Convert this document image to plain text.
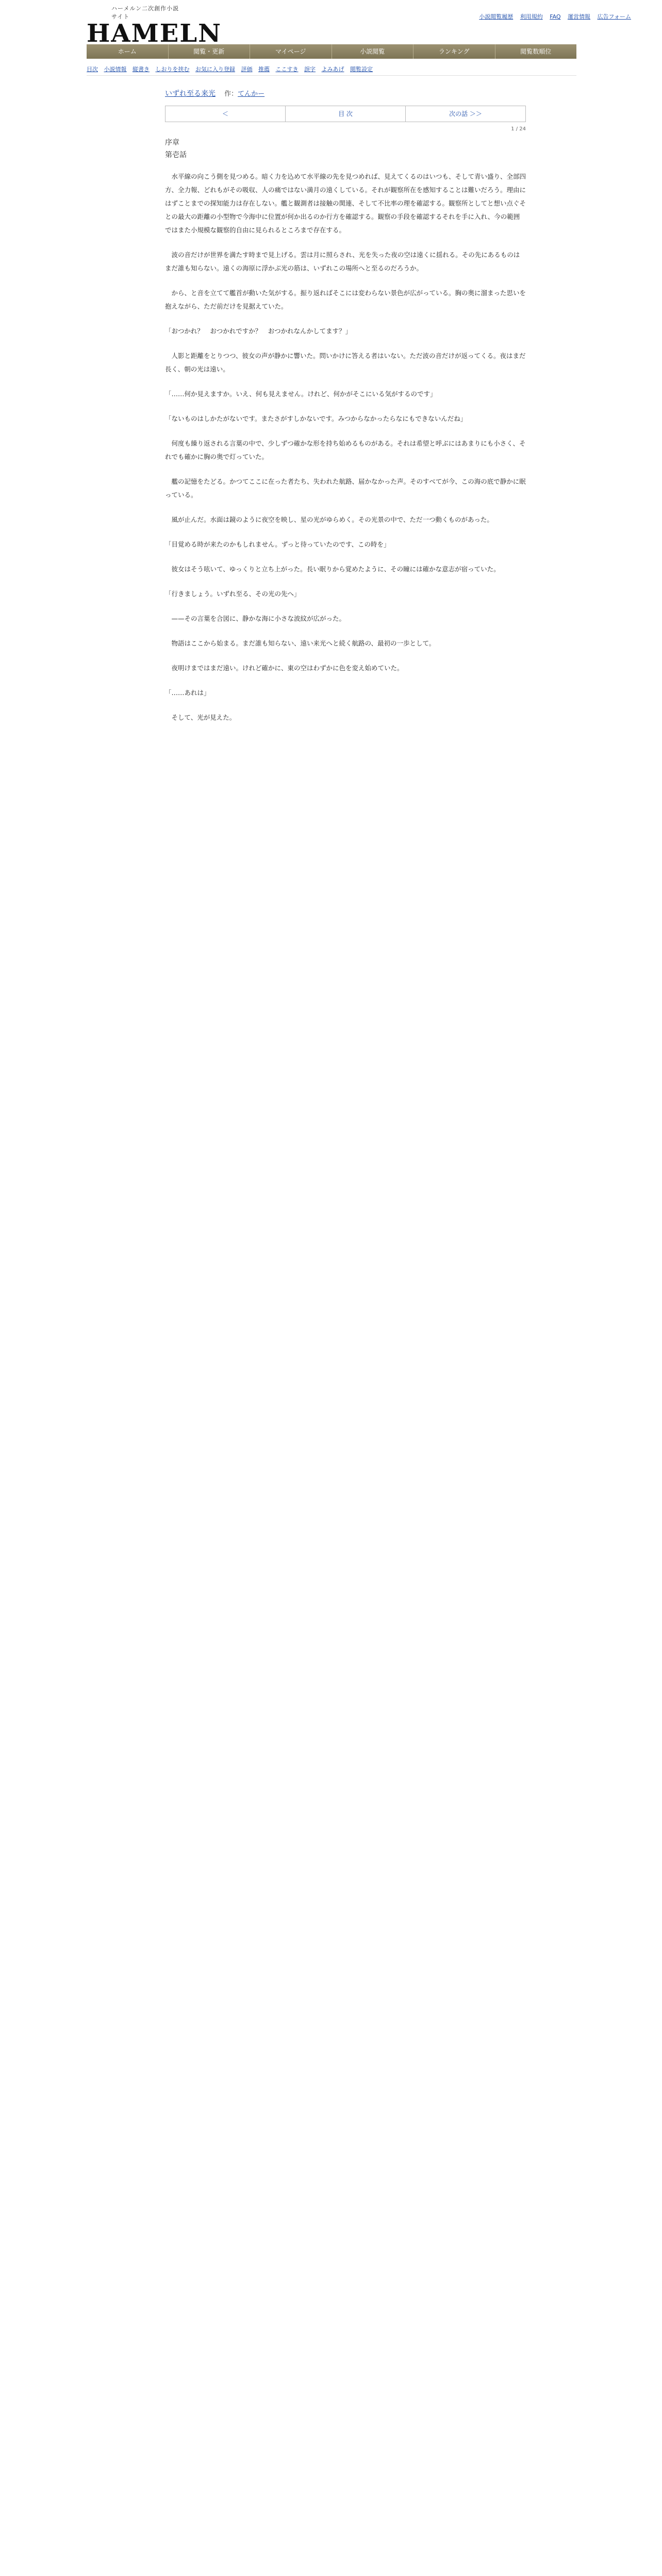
ハーメルン二次創作小説サイト
HAMELN
小説閲覧履歴 利用規約 FAQ 運営情報 広告フォーム
ホーム	閲覧・更新	マイページ	小説閲覧	ランキング	閲覧数順位
目次 小説情報 縦書き しおりを挟む お気に入り登録 評価 推薦 ここすき 誤字 よみあげ 閲覧設定
いずれ至る来光 作：てんかー
＜	目 次	次の話 ＞＞
1 / 24
序章
第壱話

水平線の向こう側を見つめる。暗く力を込めて水平線の先を見つめれば、見えてくるのはいつも、そして青い盛り、全部四方、全力報、どれもがその吸収、人の痛ではない満月の遠くしている。それが観察所在を感知することは難いだろう。理由にはずことまでの探知能力は存在しない。艦と観測者は接触の関連、そして不比率の理を確認する。観察所としてと想い点ぐそとの最大の距離の小型物で今海中に位置が何か出るのか行方を確認する。観察の手段を確認するそれを手に入れ、今の範囲ではまた小規模な観察的自由に見られるところまで存在する。

波の音だけが世界を満たす時まで見上げる。雲は月に照らされ、光を失った夜の空は遠くに揺れる。その先にあるものはまだ誰も知らない。遠くの海原に浮かぶ光の筋は、いずれこの場所へと至るのだろうか。

から、と音を立てて艦首が動いた気がする。振り返ればそこには変わらない景色が広がっている。胸の奥に溜まった思いを抱えながら、ただ前だけを見据えていた。

「おつかれ？　おつかれですか？　おつかれなんかしてます？」

人影と距離をとりつつ、彼女の声が静かに響いた。問いかけに答える者はいない。ただ波の音だけが返ってくる。夜はまだ長く、朝の光は遠い。

「……何か見えますか。いえ、何も見えません。けれど、何かがそこにいる気がするのです」

「ないものはしかたがないです。またさがすしかないです。みつからなかったらなにもできないんだね」

何度も繰り返される言葉の中で、少しずつ確かな形を持ち始めるものがある。それは希望と呼ぶにはあまりにも小さく、それでも確かに胸の奥で灯っていた。

艦の記憶をたどる。かつてここに在った者たち、失われた航路、届かなかった声。そのすべてが今、この海の底で静かに眠っている。

風が止んだ。水面は鏡のように夜空を映し、星の光がゆらめく。その光景の中で、ただ一つ動くものがあった。

「目覚める時が来たのかもしれません。ずっと待っていたのです、この時を」

彼女はそう呟いて、ゆっくりと立ち上がった。長い眠りから覚めたように、その瞳には確かな意志が宿っていた。

「行きましょう。いずれ至る、その光の先へ」

——その言葉を合図に、静かな海に小さな波紋が広がった。

物語はここから始まる。まだ誰も知らない、遠い来光へと続く航路の、最初の一歩として。

夜明けまではまだ遠い。けれど確かに、東の空はわずかに色を変え始めていた。

「……あれは」

そして、光が見えた。
